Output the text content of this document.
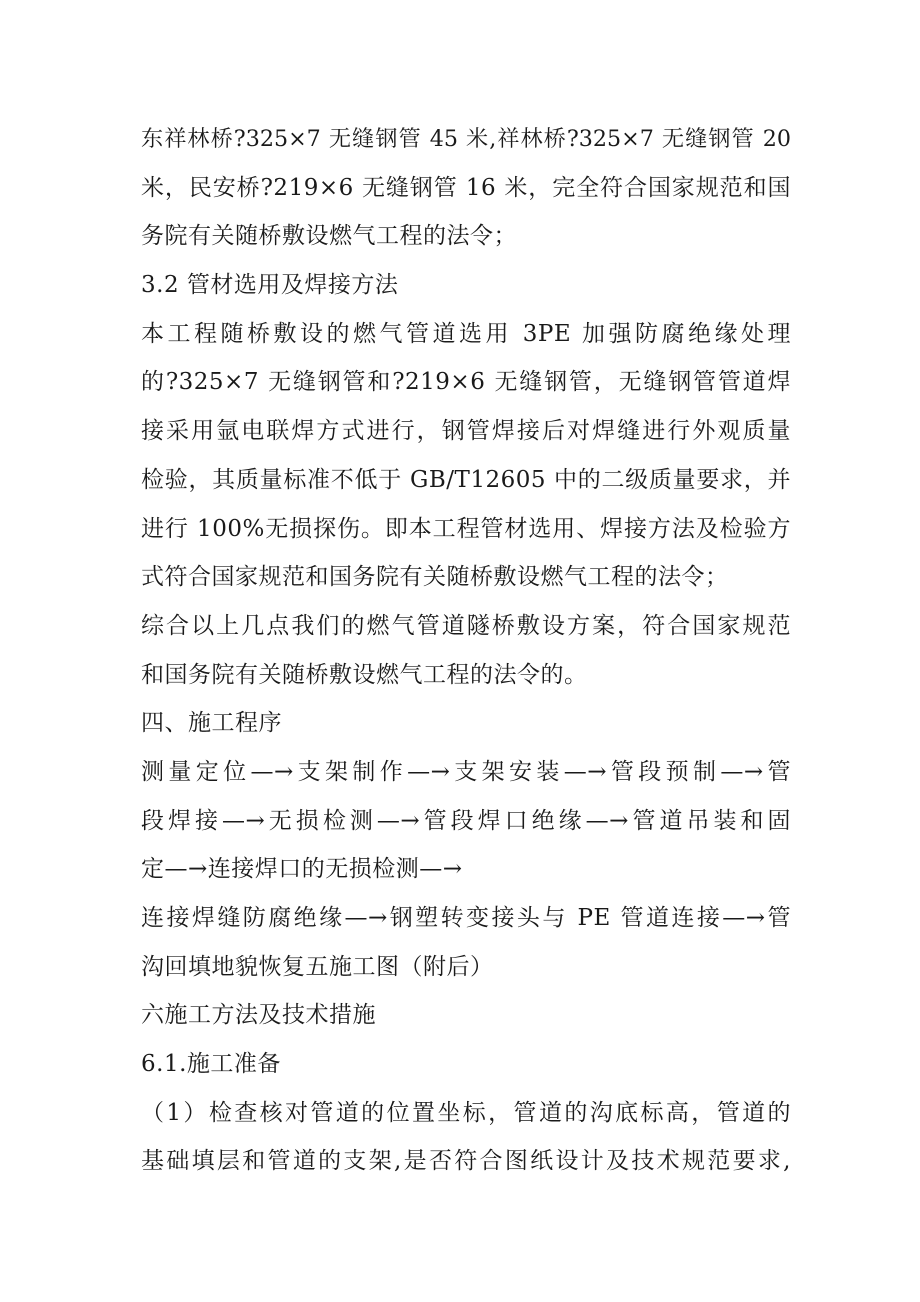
东祥林桥?325×7 无缝钢管 45 米,祥林桥?325×7 无缝钢管 20
米，民安桥?219×6 无缝钢管 16 米，完全符合国家规范和国
务院有关随桥敷设燃气工程的法令；
3.2 管材选用及焊接方法
本工程随桥敷设的燃气管道选用 3PE 加强防腐绝缘处理
的?325×7 无缝钢管和?219×6 无缝钢管，无缝钢管管道焊
接采用氩电联焊方式进行，钢管焊接后对焊缝进行外观质量
检验，其质量标准不低于 GB/T12605 中的二级质量要求，并
进行 100%无损探伤。即本工程管材选用、焊接方法及检验方
式符合国家规范和国务院有关随桥敷设燃气工程的法令；
综合以上几点我们的燃气管道隧桥敷设方案，符合国家规范
和国务院有关随桥敷设燃气工程的法令的。
四、施工程序
测量定位—→支架制作—→支架安装—→管段预制—→管
段焊接—→无损检测—→管段焊口绝缘—→管道吊装和固
定—→连接焊口的无损检测—→
连接焊缝防腐绝缘—→钢塑转变接头与 PE 管道连接—→管
沟回填地貌恢复五施工图（附后）
六施工方法及技术措施
6.1.施工准备
（1）检查核对管道的位置坐标，管道的沟底标高，管道的
基础填层和管道的支架,是否符合图纸设计及技术规范要求,
